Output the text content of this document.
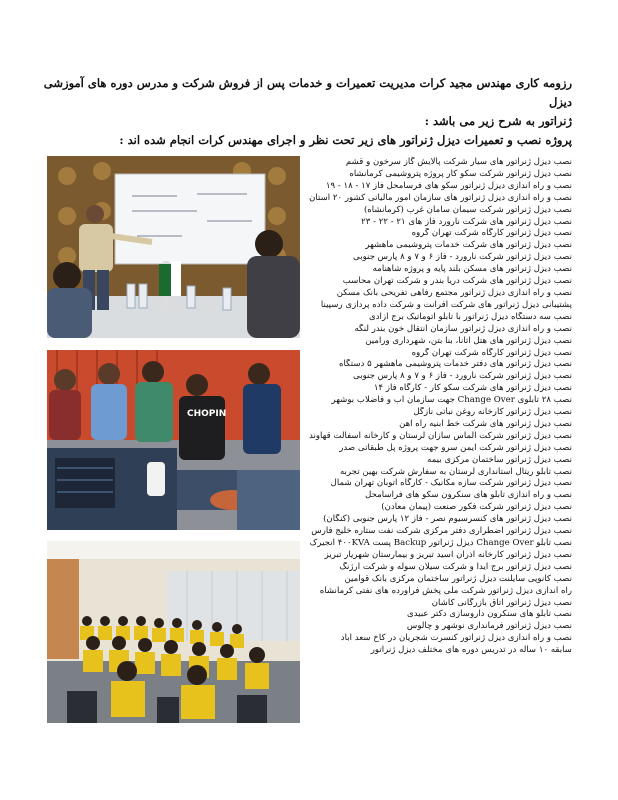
رزومه کاری مهندس مجید کرات مدیریت تعمیرات و خدمات پس از فروش شرکت و مدرس دوره های آموزشی دیزل

ژنراتور به شرح زیر می باشد :

پروژه نصب و تعمیرات دیزل ژنراتور های زیر تحت نظر و اجرای مهندس کرات انجام شده اند :

CHOPIN
نصب دیزل ژنراتور های سیار شرکت پالایش گاز سرخون و قشم
نصب دیزل ژنراتور شرکت سکو کار پروژه پتروشیمی کرمانشاه
نصب و راه اندازی دیزل ژنراتور سکو های فرسامحل فاز ۱۷ - ۱۸ - ۱۹
نصب و راه اندازی دیزل ژنراتور های سازمان امور مالیاتی کشور ۲۰ استان
نصب دیزل ژنراتور شرکت سیمان سامان غرب (کرمانشاه)
نصب دیزل ژنراتور های شرکت نارورد فاز های ۲۱ - ۲۲ - ۲۳
نصب دیزل ژنراتور کارگاه شرکت تهران گروه
نصب دیزل ژنراتور های شرکت خدمات پتروشیمی ماهشهر
نصب دیزل ژنراتور شرکت نارورد - فاز ۶ و ۷ و ۸ پارس جنوبی
نصب دیزل ژنراتور های مسکن بلند پایه و پروژه شاهنامه
نصب دیزل ژنراتور های شرکت دریا بندر و شرکت تهران محاسب
نصب و راه اندازی دیزل ژنراتور مجتمع رفاهی تفریحی بانک مسکن
پشتیبانی دیزل ژنراتور های شرکت افرانت و شرکت داده پردازی رسپینا
نصب سه دستگاه دیزل ژنراتور با تابلو اتوماتیک برج آزادی
نصب و راه اندازی دیزل ژنراتور سازمان انتقال خون بندر لنگه
نصب دیزل ژنراتور های هتل آتانا، بنا بتن، شهرداری ورامین
نصب دیزل ژنراتور کارگاه شرکت تهران گروه
نصب دیزل ژنراتور های دفتر خدمات پتروشیمی ماهشهر ۵ دستگاه
نصب دیزل ژنراتور شرکت نارورد - فاز ۶ و ۷ و ۸ پارس جنوبی
نصب دیزل ژنراتور های شرکت سکو کار - کارگاه فاز ۱۴
نصب ۲۸ تابلوی Change Over جهت سازمان آب و فاضلاب بوشهر
نصب دیزل ژنراتور کارخانه روغن نباتی نازگل
نصب دیزل ژنراتور های شرکت خط ابنیه راه آهن
نصب دیزل ژنراتور شرکت الماس سازان لرستان و کارخانه آسفالت قهاوند
نصب دیزل ژنراتور شرکت ایمن سرو جهت پروژه پل طبقاتی صدر
نصب دیزل ژنراتور ساختمان مرکزی بیمه
نصب تابلو ریتال استانداری لرستان به سفارش شرکت بهین تجربه
نصب دیزل ژنراتور شرکت سازه مکانیک - کارگاه اتوبان تهران شمال
نصب و راه اندازی تابلو های سنکرون سکو های فراسامحل
نصب دیزل ژنراتور شرکت فکور صنعت (پیمان معادن)
نصب دیزل ژنراتور های کنسرسیوم نصر - فاز ۱۲ پارس جنوبی (کنگان)
نصب دیزل ژنراتور اضطراری دفتر مرکزی شرکت نفت ستاره خلیج فارس
نصب تابلو Change Over دیزل ژنراتور Backup پست ۴۰۰KVA انجیرک
نصب دیزل ژنراتور کارخانه آذران اسید تبریز و بیمارستان شهریار تبریز
نصب دیزل ژنراتور برج آیدا و شرکت سیلان سوله و شرکت ارژنگ
نصب کانوپی سایلنت دیزل ژنراتور ساختمان مرکزی بانک قوامین
راه اندازی دیزل ژنراتور شرکت ملی پخش فراورده های نفتی کرمانشاه
نصب دیزل ژنراتور اتاق بازرگانی کاشان
نصب تابلو های سنکرون داروسازی دکتر عبیدی
نصب دیزل ژنراتور فرمانداری نوشهر و چالوس
نصب و راه اندازی دیزل ژنراتور کنسرت شجریان در کاخ سعد آباد
سابقه ۱۰ ساله در تدریس دوره های مختلف دیزل ژنراتور
